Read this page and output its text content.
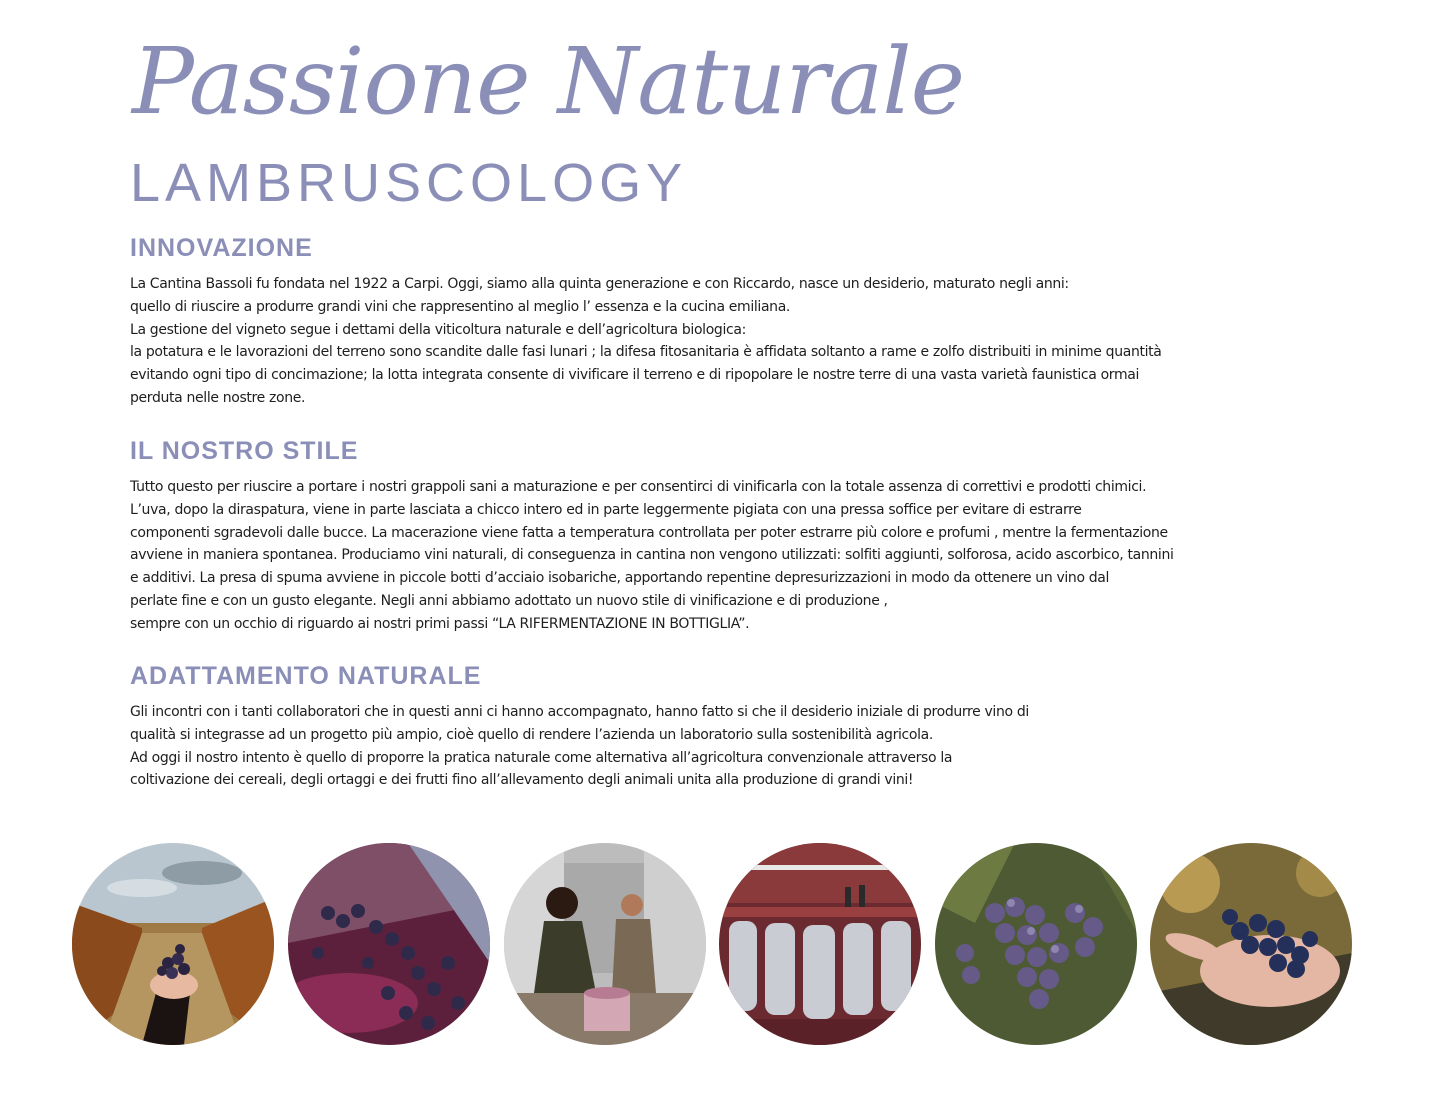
Passione Naturale
LAMBRUSCOLOGY
INNOVAZIONE

La Cantina Bassoli fu fondata nel 1922 a Carpi. Oggi, siamo alla quinta generazione e con Riccardo, nasce un desiderio, maturato negli anni:

quello di riuscire a produrre grandi vini che rappresentino al meglio l’ essenza e la cucina emiliana.

La gestione del vigneto segue i dettami della viticoltura naturale e dell’agricoltura biologica:

la potatura e le lavorazioni del terreno sono scandite dalle fasi lunari ; la difesa fitosanitaria è affidata soltanto a rame e zolfo distribuiti in minime quantità

evitando ogni tipo di concimazione; la lotta integrata consente di vivificare il terreno e di ripopolare le nostre terre di una vasta varietà faunistica ormai

perduta nelle nostre zone.

IL NOSTRO STILE

Tutto questo per riuscire a portare i nostri grappoli sani a maturazione e per consentirci di vinificarla con la totale assenza di correttivi e prodotti chimici.

L’uva, dopo la diraspatura, viene in parte lasciata a chicco intero ed in parte leggermente pigiata con una pressa soffice per evitare di estrarre

componenti sgradevoli dalle bucce. La macerazione viene fatta a temperatura controllata per poter estrarre più colore e profumi , mentre la fermentazione

avviene in maniera spontanea. Produciamo vini naturali, di conseguenza in cantina non vengono utilizzati: solfiti aggiunti, solforosa, acido ascorbico, tannini

e additivi. La presa di spuma avviene in piccole botti d’acciaio isobariche, apportando repentine depresurizzazioni in modo da ottenere un vino dal

perlate fine e con un gusto elegante. Negli anni abbiamo adottato un nuovo stile di vinificazione e di produzione ,

sempre con un occhio di riguardo ai nostri primi passi “LA RIFERMENTAZIONE IN BOTTIGLIA”.

ADATTAMENTO NATURALE

Gli incontri con i tanti collaboratori che in questi anni ci hanno accompagnato, hanno fatto si che il desiderio iniziale di produrre vino di

qualità si integrasse ad un progetto più ampio, cioè quello di rendere l’azienda un laboratorio sulla sostenibilità agricola.

Ad oggi il nostro intento è quello di proporre la pratica naturale come alternativa all’agricoltura convenzionale attraverso la

coltivazione dei cereali, degli ortaggi e dei frutti fino all’allevamento degli animali unita alla produzione di grandi vini!
